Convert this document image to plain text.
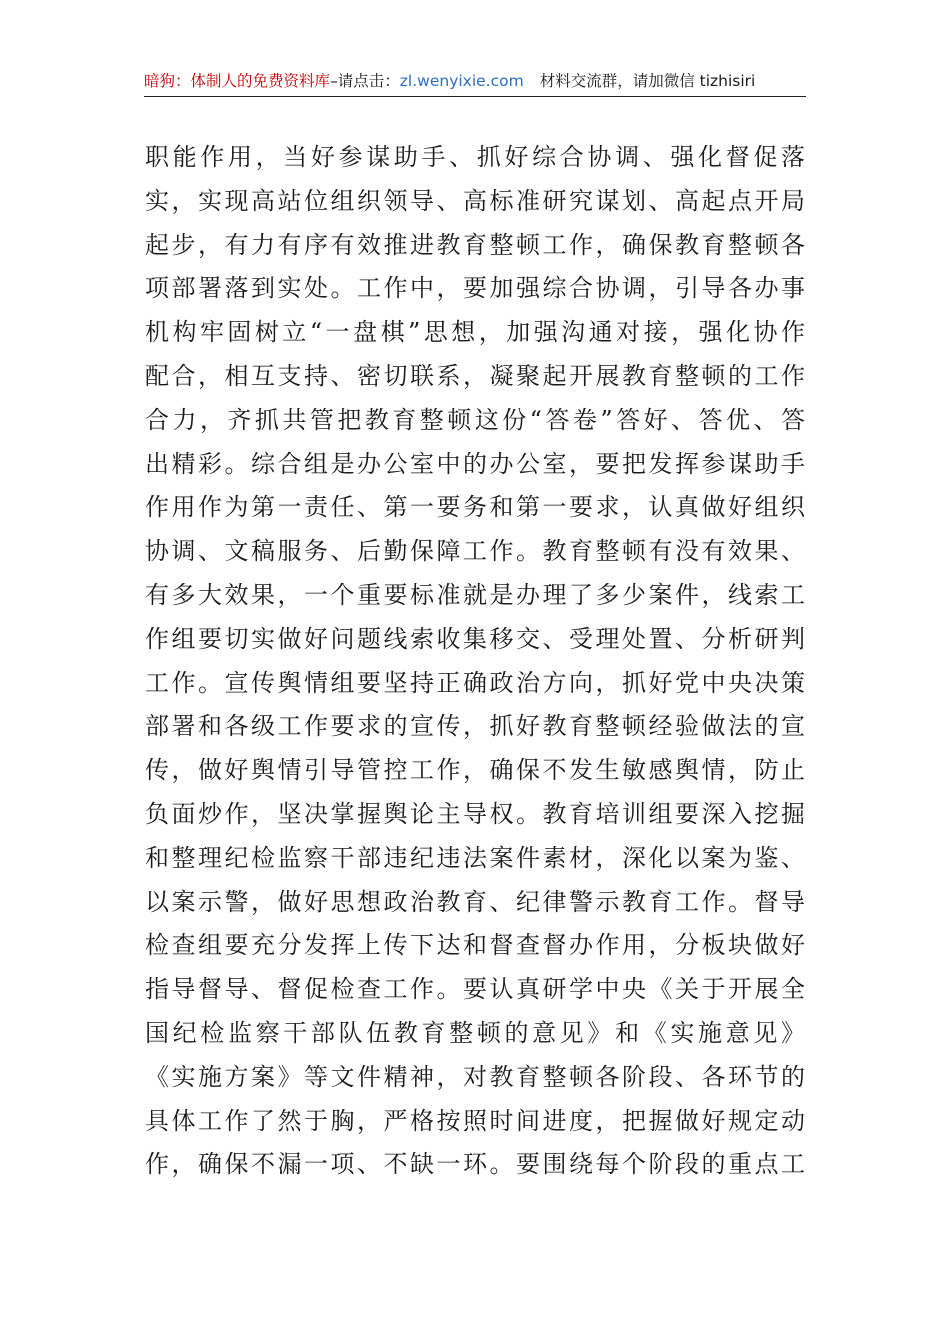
暗狗：体制人的免费资料库–请点击：zl.wenyixie.com 材料交流群，请加微信 tizhisiri
职能作用，当好参谋助手、抓好综合协调、强化督促落
实，实现高站位组织领导、高标准研究谋划、高起点开局
起步，有力有序有效推进教育整顿工作，确保教育整顿各
项部署落到实处。工作中，要加强综合协调，引导各办事
机构牢固树立“一盘棋”思想，加强沟通对接，强化协作
配合，相互支持、密切联系，凝聚起开展教育整顿的工作
合力，齐抓共管把教育整顿这份“答卷”答好、答优、答
出精彩。综合组是办公室中的办公室，要把发挥参谋助手
作用作为第一责任、第一要务和第一要求，认真做好组织
协调、文稿服务、后勤保障工作。教育整顿有没有效果、
有多大效果，一个重要标准就是办理了多少案件，线索工
作组要切实做好问题线索收集移交、受理处置、分析研判
工作。宣传舆情组要坚持正确政治方向，抓好党中央决策
部署和各级工作要求的宣传，抓好教育整顿经验做法的宣
传，做好舆情引导管控工作，确保不发生敏感舆情，防止
负面炒作，坚决掌握舆论主导权。教育培训组要深入挖掘
和整理纪检监察干部违纪违法案件素材，深化以案为鉴、
以案示警，做好思想政治教育、纪律警示教育工作。督导
检查组要充分发挥上传下达和督查督办作用，分板块做好
指导督导、督促检查工作。要认真研学中央《关于开展全
国纪检监察干部队伍教育整顿的意见》和《实施意见》
《实施方案》等文件精神，对教育整顿各阶段、各环节的
具体工作了然于胸，严格按照时间进度，把握做好规定动
作，确保不漏一项、不缺一环。要围绕每个阶段的重点工
